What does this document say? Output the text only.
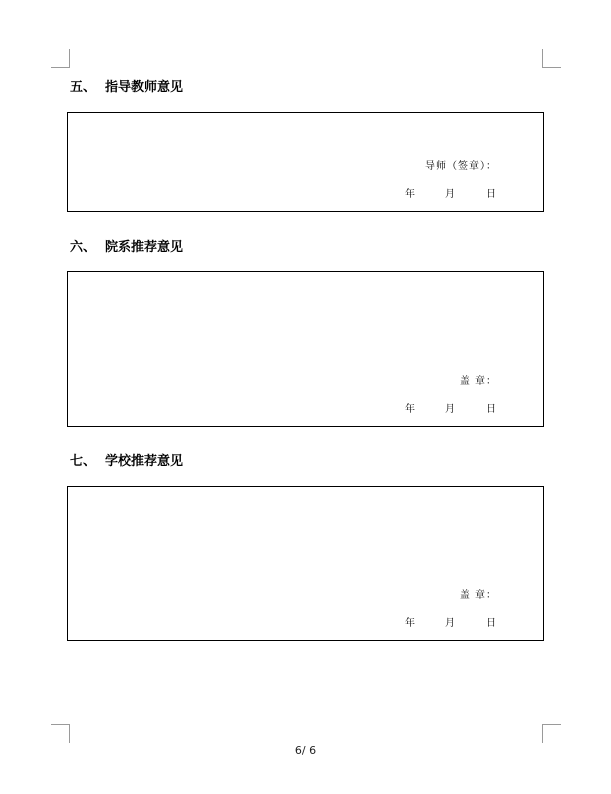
五、 指导教师意见
导师（签章）：
年	月	日
六、 院系推荐意见
盖 章：
年	月	日
七、 学校推荐意见
盖 章：
年	月	日
6/ 6
